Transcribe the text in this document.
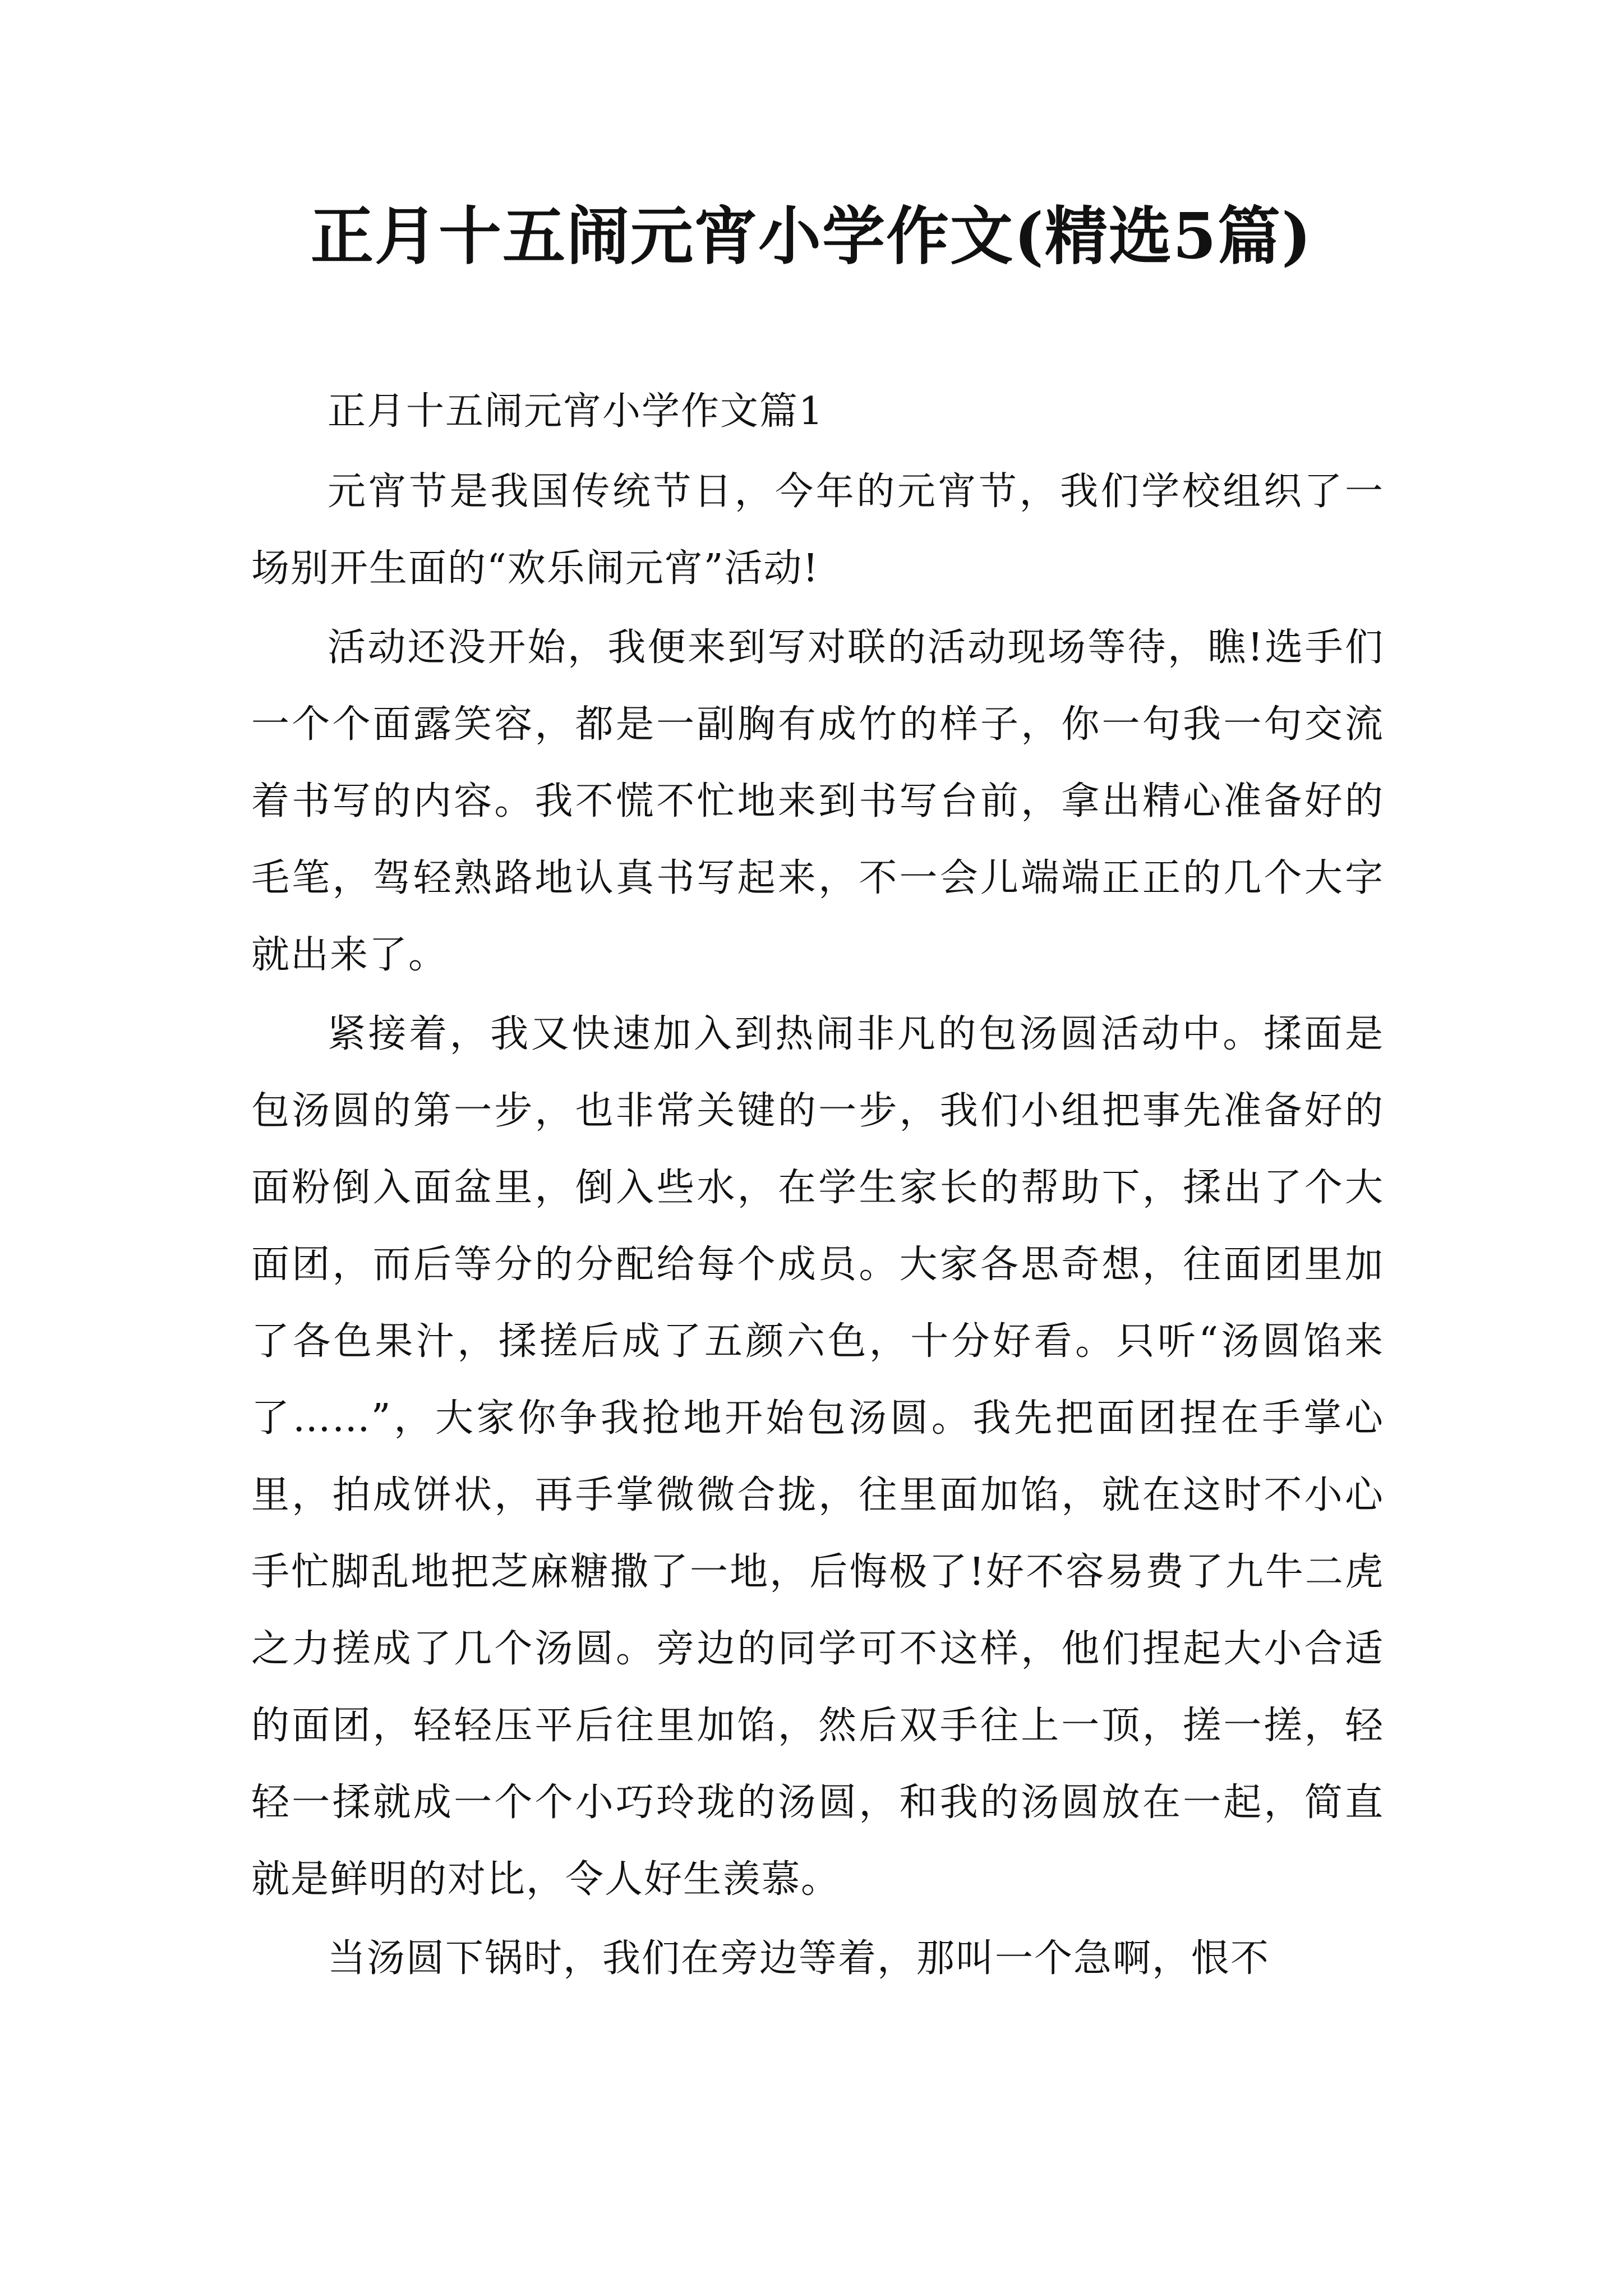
正月十五闹元宵小学作文(精选5篇)

正月十五闹元宵小学作文篇1

元宵节是我国传统节日，今年的元宵节，我们学校组织了一场别开生面的“欢乐闹元宵”活动!

活动还没开始，我便来到写对联的活动现场等待，瞧!选手们一个个面露笑容，都是一副胸有成竹的样子，你一句我一句交流着书写的内容。我不慌不忙地来到书写台前，拿出精心准备好的毛笔，驾轻熟路地认真书写起来，不一会儿端端正正的几个大字就出来了。

紧接着，我又快速加入到热闹非凡的包汤圆活动中。揉面是包汤圆的第一步，也非常关键的一步，我们小组把事先准备好的面粉倒入面盆里，倒入些水，在学生家长的帮助下，揉出了个大面团，而后等分的分配给每个成员。大家各思奇想，往面团里加了各色果汁，揉搓后成了五颜六色，十分好看。只听“汤圆馅来了……”，大家你争我抢地开始包汤圆。我先把面团捏在手掌心里，拍成饼状，再手掌微微合拢，往里面加馅，就在这时不小心手忙脚乱地把芝麻糖撒了一地，后悔极了!好不容易费了九牛二虎之力搓成了几个汤圆。旁边的同学可不这样，他们捏起大小合适的面团，轻轻压平后往里加馅，然后双手往上一顶，搓一搓，轻轻一揉就成一个个小巧玲珑的汤圆，和我的汤圆放在一起，简直就是鲜明的对比，令人好生羡慕。

当汤圆下锅时，我们在旁边等着，那叫一个急啊，恨不
